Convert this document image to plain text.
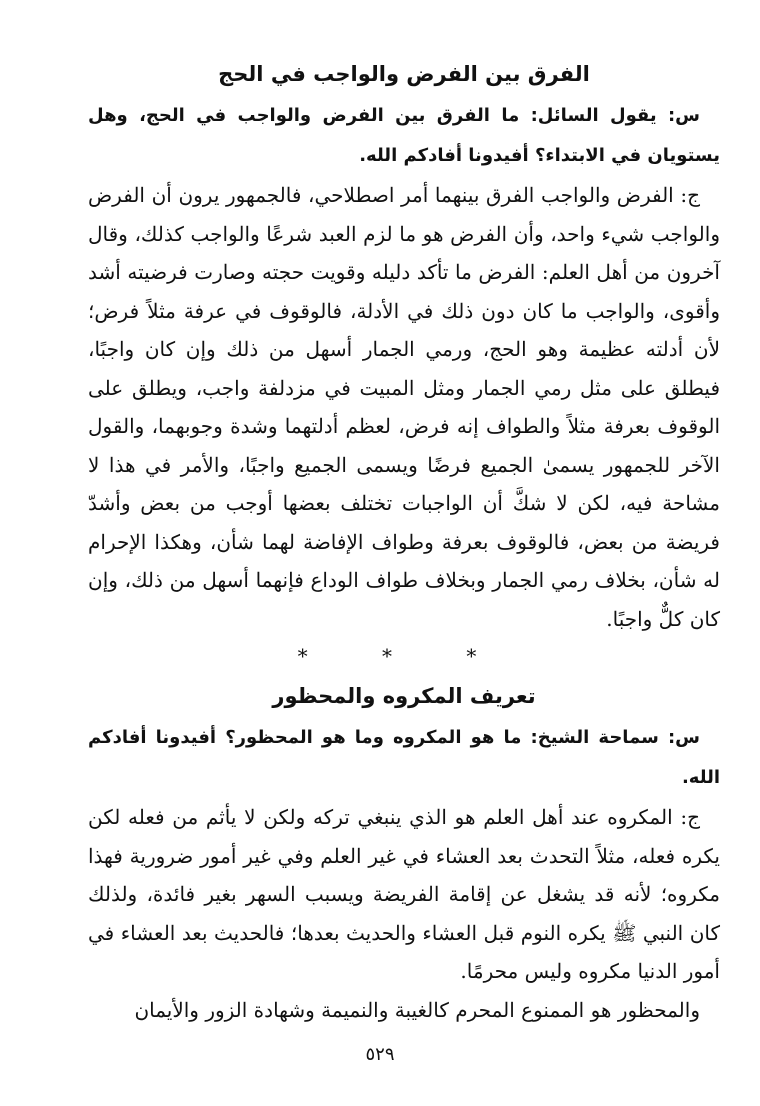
الفرق بين الفرض والواجب في الحج

س: يقول السائل: ما الفرق بين الفرض والواجب في الحج، وهل يستويان في الابتداء؟ أفيدونا أفادكم الله.

ج: الفرض والواجب الفرق بينهما أمر اصطلاحي، فالجمهور يرون أن الفرض والواجب شيء واحد، وأن الفرض هو ما لزم العبد شرعًا والواجب كذلك، وقال آخرون من أهل العلم: الفرض ما تأكد دليله وقويت حجته وصارت فرضيته أشد وأقوى، والواجب ما كان دون ذلك في الأدلة، فالوقوف في عرفة مثلاً فرض؛ لأن أدلته عظيمة وهو الحج، ورمي الجمار أسهل من ذلك وإن كان واجبًا، فيطلق على مثل رمي الجمار ومثل المبيت في مزدلفة واجب، ويطلق على الوقوف بعرفة مثلاً والطواف إنه فرض، لعظم أدلتهما وشدة وجوبهما، والقول الآخر للجمهور يسمىٰ الجميع فرضًا ويسمى الجميع واجبًا، والأمر في هذا لا مشاحة فيه، لكن لا شكَّ أن الواجبات تختلف بعضها أوجب من بعض وأشدّ فريضة من بعض، فالوقوف بعرفة وطواف الإفاضة لهما شأن، وهكذا الإحرام له شأن، بخلاف رمي الجمار وبخلاف طواف الوداع فإنهما أسهل من ذلك، وإن كان كلٌّ واجبًا.

* * *

تعريف المكروه والمحظور

س: سماحة الشيخ: ما هو المكروه وما هو المحظور؟ أفيدونا أفادكم الله.

ج: المكروه عند أهل العلم هو الذي ينبغي تركه ولكن لا يأثم من فعله لكن يكره فعله، مثلاً التحدث بعد العشاء في غير العلم وفي غير أمور ضرورية فهذا مكروه؛ لأنه قد يشغل عن إقامة الفريضة ويسبب السهر بغير فائدة، ولذلك كان النبي ﷺ يكره النوم قبل العشاء والحديث بعدها؛ فالحديث بعد العشاء في أمور الدنيا مكروه وليس محرمًا.

والمحظور هو الممنوع المحرم كالغيبة والنميمة وشهادة الزور والأيمان

٥٢٩
